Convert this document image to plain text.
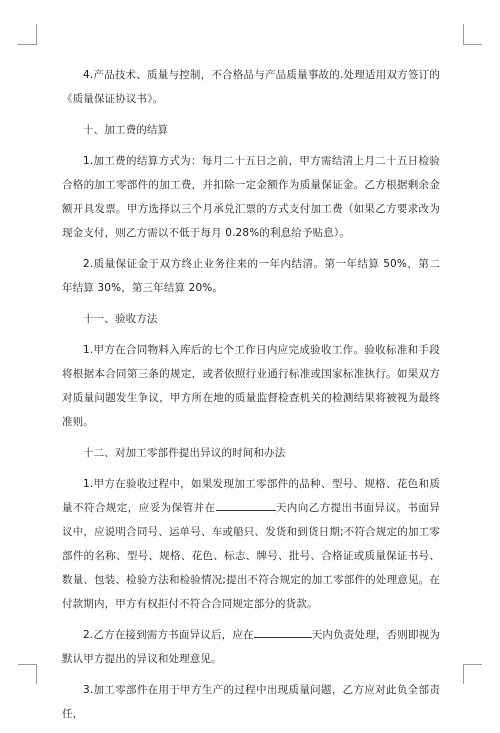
4.产品技术、质量与控制，不合格品与产品质量事故的.处理适用双方签订的《质量保证协议书》。

十、加工费的结算

1.加工费的结算方式为：每月二十五日之前，甲方需结清上月二十五日检验合格的加工零部件的加工费，并扣除一定金额作为质量保证金。乙方根据剩余金额开具发票。甲方选择以三个月承兑汇票的方式支付加工费（如果乙方要求改为现金支付，则乙方需以不低于每月 0.28%的利息给予贴息）。

2.质量保证金于双方终止业务往来的一年内结清。第一年结算 50%，第二年结算 30%，第三年结算 20%。

十一、验收方法

1.甲方在合同物料入库后的七个工作日内应完成验收工作。验收标准和手段将根据本合同第三条的规定，或者依照行业通行标准或国家标准执行。如果双方对质量问题发生争议，甲方所在地的质量监督检查机关的检测结果将被视为最终准则。

十二、对加工零部件提出异议的时间和办法

1.甲方在验收过程中，如果发现加工零部件的品种、型号、规格、花色和质量不符合规定，应妥为保管并在	天内向乙方提出书面异议。书面异议中，应说明合同号、运单号、车或船只、发货和到货日期;不符合规定的加工零部件的名称、型号、规格、花色、标志、牌号、批号、合格证或质量保证书号、数量、包装、检验方法和检验情况;提出不符合规定的加工零部件的处理意见。在付款期内，甲方有权拒付不符合合同规定部分的货款。

2.乙方在接到需方书面异议后，应在	天内负责处理，否则即视为默认甲方提出的异议和处理意见。

3.加工零部件在用于甲方生产的过程中出现质量问题，乙方应对此负全部责任，
